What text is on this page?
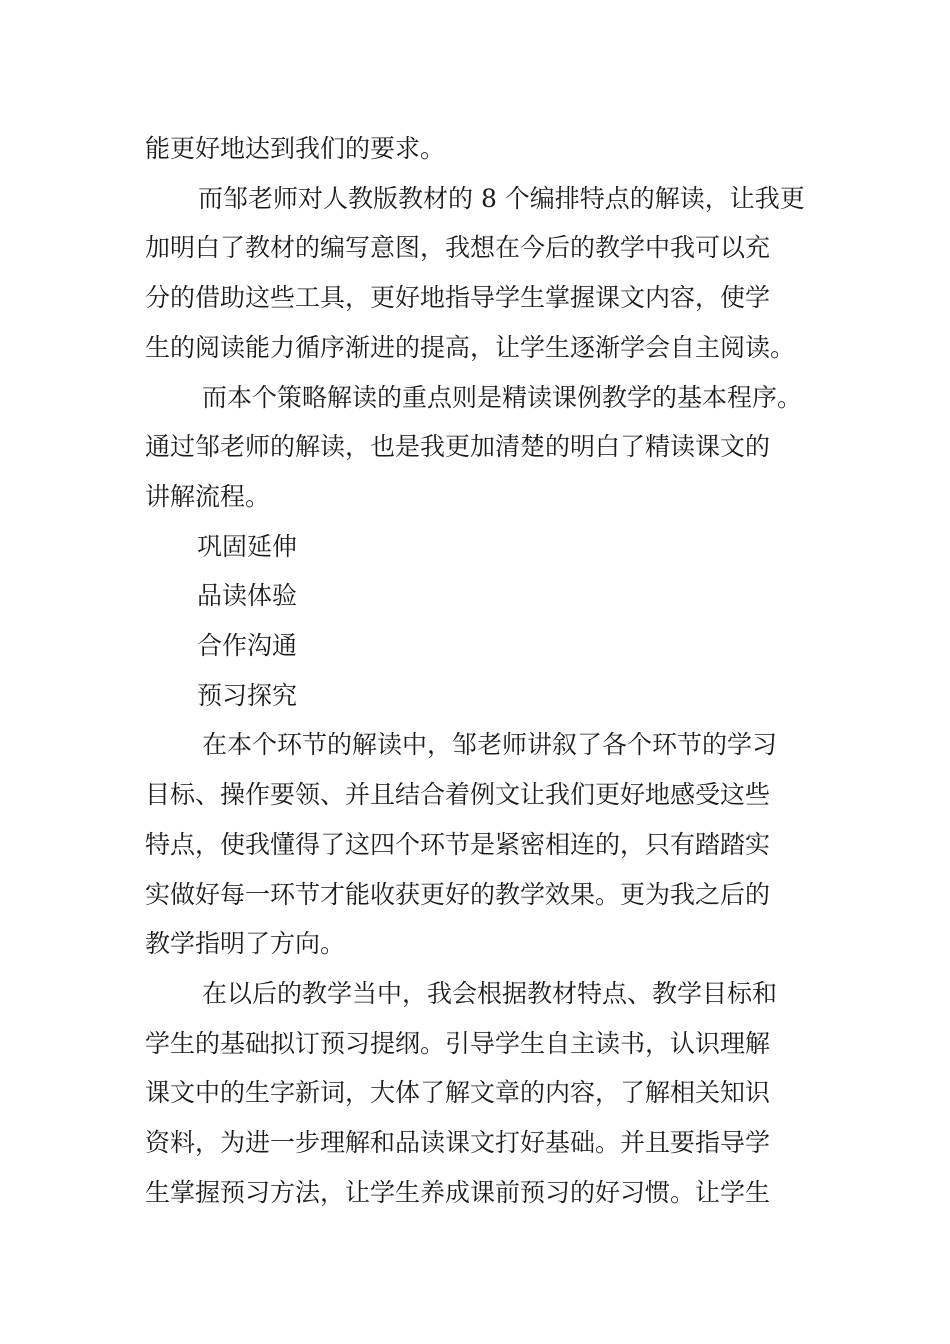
能更好地达到我们的要求。
而邹老师对人教版教材的 8 个编排特点的解读，让我更
加明白了教材的编写意图，我想在今后的教学中我可以充
分的借助这些工具，更好地指导学生掌握课文内容，使学
生的阅读能力循序渐进的提高，让学生逐渐学会自主阅读。
而本个策略解读的重点则是精读课例教学的基本程序。
通过邹老师的解读，也是我更加清楚的明白了精读课文的
讲解流程。
巩固延伸
品读体验
合作沟通
预习探究
在本个环节的解读中，邹老师讲叙了各个环节的学习
目标、操作要领、并且结合着例文让我们更好地感受这些
特点，使我懂得了这四个环节是紧密相连的，只有踏踏实
实做好每一环节才能收获更好的教学效果。更为我之后的
教学指明了方向。
在以后的教学当中，我会根据教材特点、教学目标和
学生的基础拟订预习提纲。引导学生自主读书，认识理解
课文中的生字新词，大体了解文章的内容，了解相关知识
资料，为进一步理解和品读课文打好基础。并且要指导学
生掌握预习方法，让学生养成课前预习的好习惯。让学生
